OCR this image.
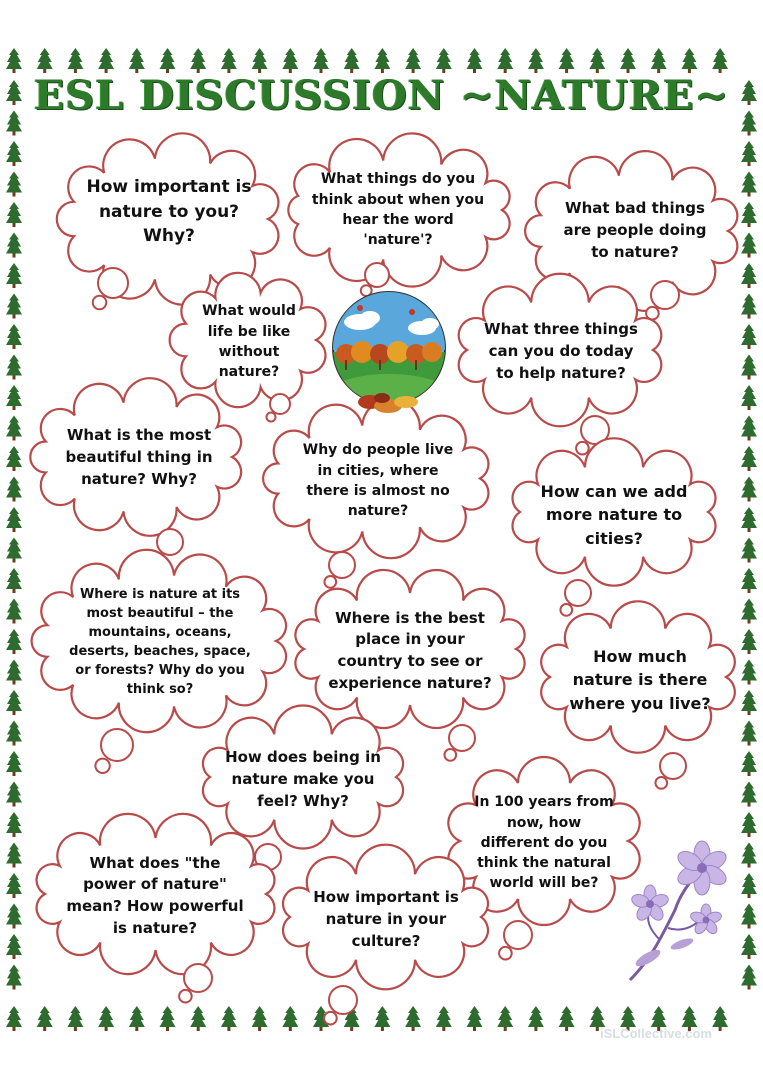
ESL DISCUSSION ~NATURE~
How important is nature to you? Why?
What things do you think about when you hear the word 'nature'?
What bad things are people doing to nature?
What would life be like without nature?
What three things can you do today to help nature?
What is the most beautiful thing in nature? Why?
Why do people live in cities, where there is almost no nature?
How can we add more nature to cities?
Where is nature at its most beautiful – the mountains, oceans, deserts, beaches, space, or forests? Why do you think so?
Where is the best place in your country to see or experience nature?
How much nature is there where you live?
How does being in nature make you feel? Why?	In 100 years from now, how different do you think the natural world will be?
What does "the power of nature" mean? How powerful is nature?
How important is nature in your culture?
iSLCollective.com
